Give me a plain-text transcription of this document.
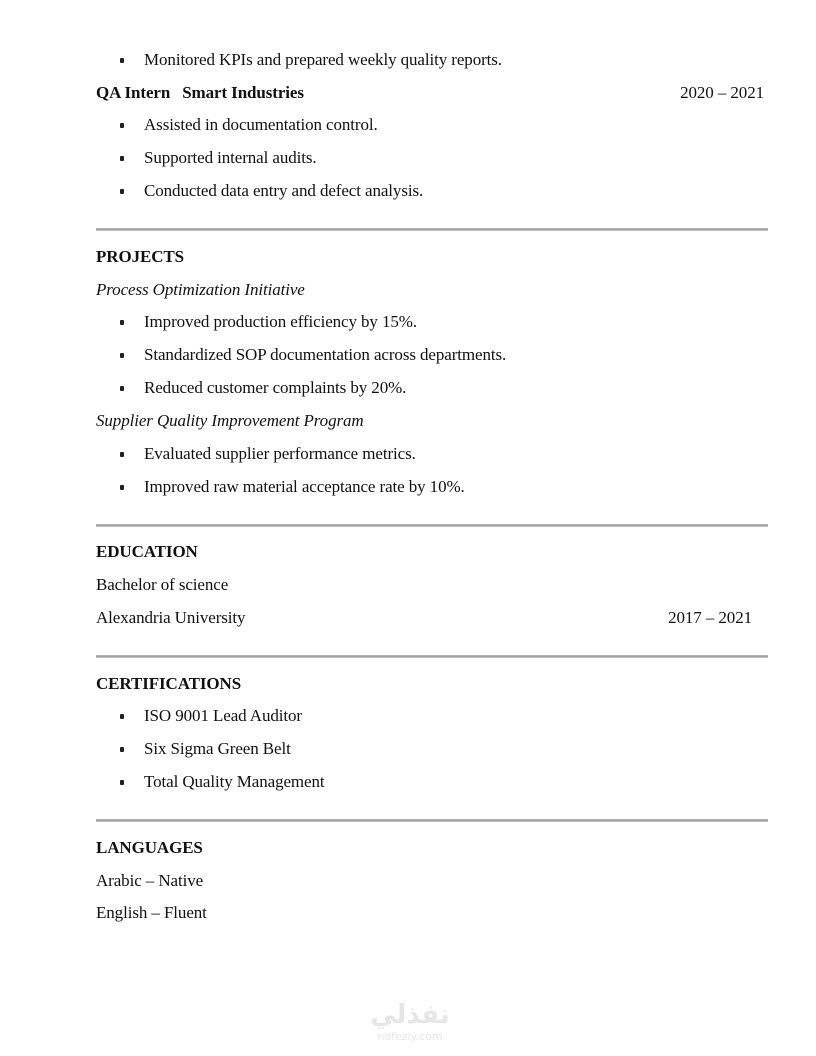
Monitored KPIs and prepared weekly quality reports.
QA Intern Smart Industries	2020 – 2021
Assisted in documentation control.
Supported internal audits.
Conducted data entry and defect analysis.
PROJECTS
Process Optimization Initiative
Improved production efficiency by 15%.
Standardized SOP documentation across departments.
Reduced customer complaints by 20%.
Supplier Quality Improvement Program
Evaluated supplier performance metrics.
Improved raw material acceptance rate by 10%.
EDUCATION
Bachelor of science
Alexandria University	2017 – 2021
CERTIFICATIONS
ISO 9001 Lead Auditor
Six Sigma Green Belt
Total Quality Management
LANGUAGES
Arabic – Native
English – Fluent
نفذلي
nofezly.com
